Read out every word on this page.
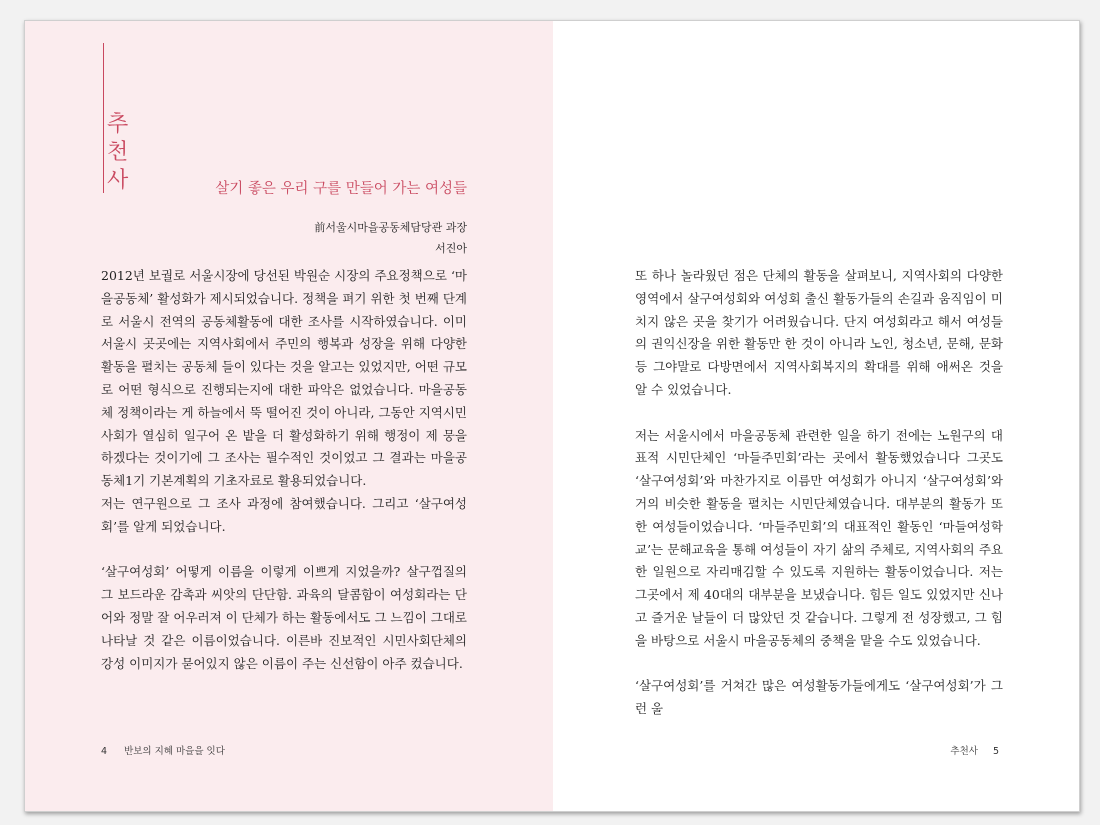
추
천
사	살기 좋은 우리 구를 만들어 가는 여성들
前서울시마을공동체담당관 과장
서진아

2012년 보궐로 서울시장에 당선된 박원순 시장의 주요정책으로 ‘마을공동체’ 활성화가 제시되었습니다. 정책을 펴기 위한 첫 번째 단계로 서울시 전역의 공동체활동에 대한 조사를 시작하였습니다. 이미 서울시 곳곳에는 지역사회에서 주민의 행복과 성장을 위해 다양한 활동을 펼치는 공동체 들이 있다는 것을 알고는 있었지만, 어떤 규모로 어떤 형식으로 진행되는지에 대한 파악은 없었습니다. 마을공동체 정책이라는 게 하늘에서 뚝 떨어진 것이 아니라, 그동안 지역시민사회가 열심히 일구어 온 밭을 더 활성화하기 위해 행정이 제 뭉을 하겠다는 것이기에 그 조사는 필수적인 것이었고 그 결과는 마을공동체1기 기본계획의 기초자료로 활용되었습니다.

저는 연구원으로 그 조사 과정에 참여했습니다. 그리고 ‘살구여성회’를 알게 되었습니다.

‘살구여성회’ 어떻게 이름을 이렇게 이쁘게 지었을까? 살구껍질의 그 보드라운 감촉과 씨앗의 단단함. 과육의 달콤함이 여성회라는 단어와 정말 잘 어우러져 이 단체가 하는 활동에서도 그 느낌이 그대로 나타날 것 같은 이름이었습니다. 이른바 진보적인 시민사회단체의 강성 이미지가 묻어있지 않은 이름이 주는 신선함이 아주 컸습니다.

4 반보의 지혜 마을을 잇다

또 하나 놀라웠던 점은 단체의 활동을 살펴보니, 지역사회의 다양한 영역에서 살구여성회와 여성회 출신 활동가들의 손길과 움직임이 미치지 않은 곳을 찾기가 어려웠습니다. 단지 여성회라고 해서 여성들의 권익신장을 위한 활동만 한 것이 아니라 노인, 청소년, 문해, 문화 등 그야말로 다방면에서 지역사회복지의 확대를 위해 애써온 것을 알 수 있었습니다.

저는 서울시에서 마을공동체 관련한 일을 하기 전에는 노원구의 대표적 시민단체인 ‘마들주민회’라는 곳에서 활동했었습니다 그곳도 ‘살구여성회’와 마찬가지로 이름만 여성회가 아니지 ‘살구여성회’와 거의 비슷한 활동을 펼치는 시민단체였습니다. 대부분의 활동가 또한 여성들이었습니다. ‘마들주민회’의 대표적인 활동인 ‘마들여성학교’는 문해교육을 통해 여성들이 자기 삶의 주체로, 지역사회의 주요한 일원으로 자리매김할 수 있도록 지원하는 활동이었습니다. 저는 그곳에서 제 40대의 대부분을 보냈습니다. 힘든 일도 있었지만 신나고 즐거운 날들이 더 많았던 것 같습니다. 그렇게 전 성장했고, 그 힘을 바탕으로 서울시 마을공동체의 중책을 맡을 수도 있었습니다.

‘살구여성회’를 거쳐간 많은 여성활동가들에게도 ‘살구여성회’가 그런 울

추천사 5
